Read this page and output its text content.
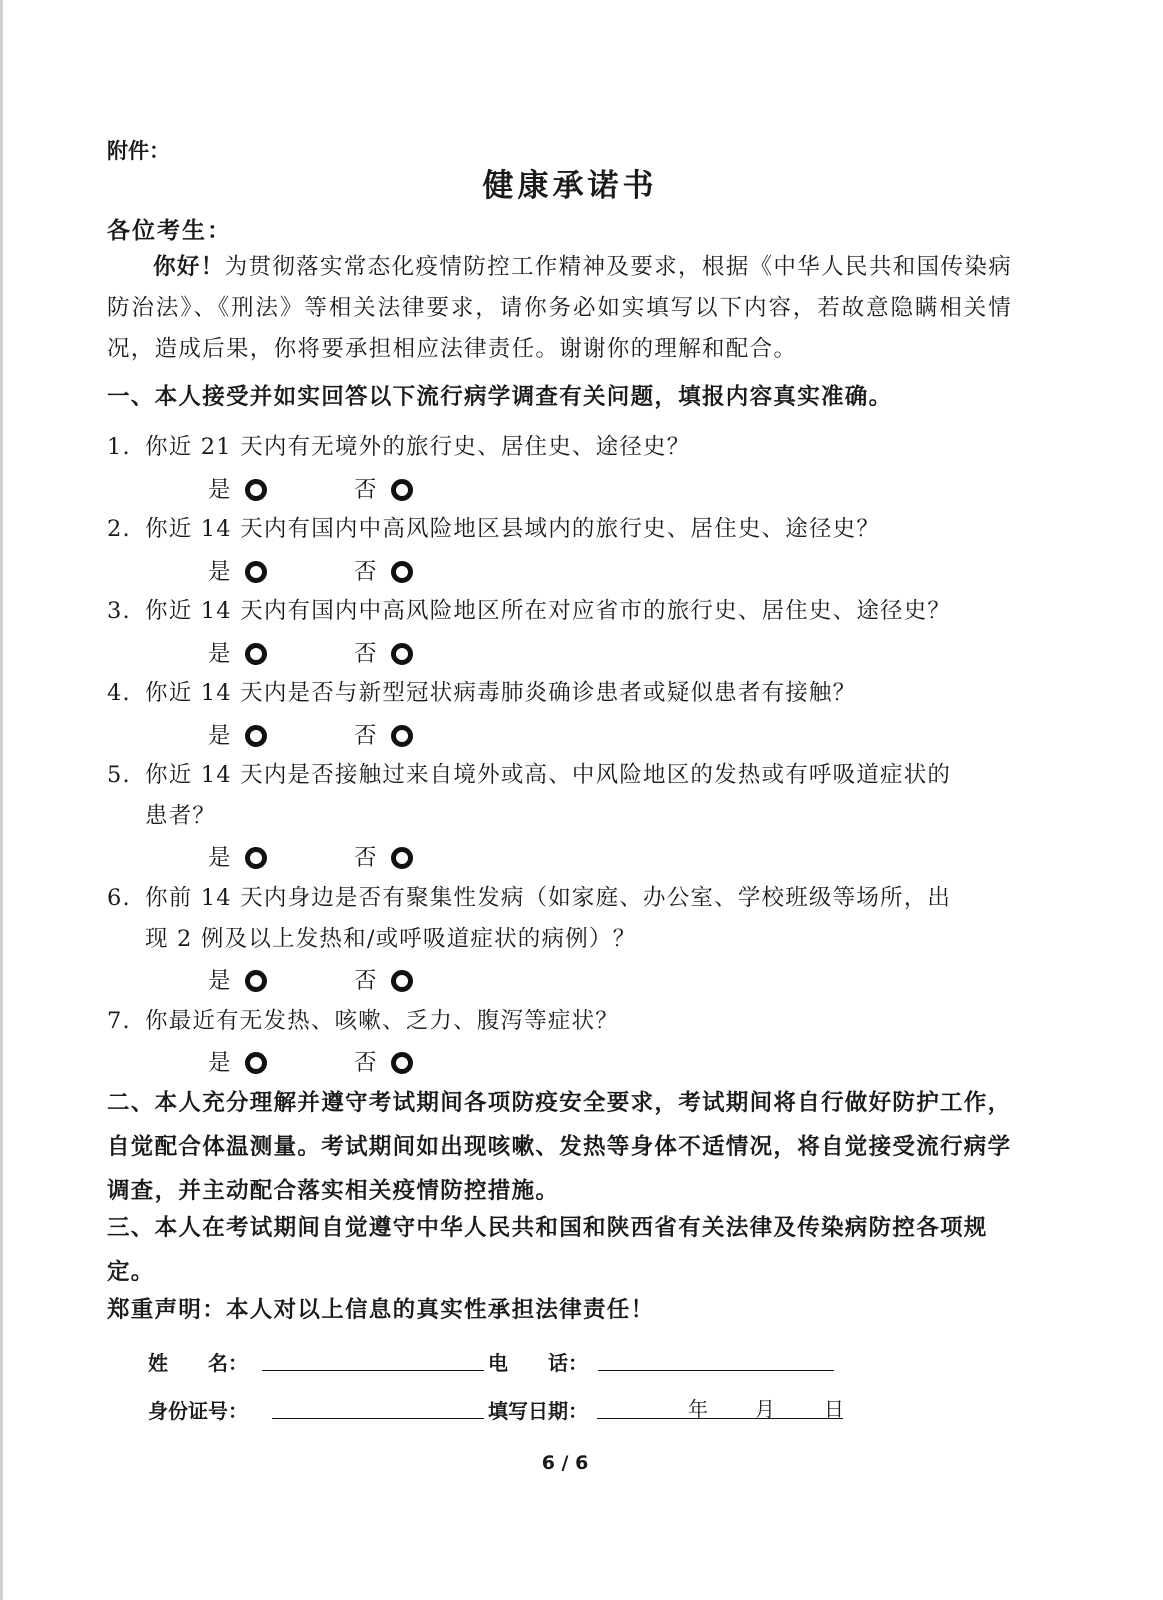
附件：
健康承诺书
各位考生：
你好！为贯彻落实常态化疫情防控工作精神及要求，根据《中华人民共和国传染病防治法》、《刑法》等相关法律要求，请你务必如实填写以下内容，若故意隐瞒相关情况，造成后果，你将要承担相应法律责任。谢谢你的理解和配合。
一、本人接受并如实回答以下流行病学调查有关问题，填报内容真实准确。
1. 你近 21 天内有无境外的旅行史、居住史、途径史？
是	否
2. 你近 14 天内有国内中高风险地区县域内的旅行史、居住史、途径史？
是	否
3. 你近 14 天内有国内中高风险地区所在对应省市的旅行史、居住史、途径史？
是	否
4. 你近 14 天内是否与新型冠状病毒肺炎确诊患者或疑似患者有接触？
是	否
5. 你近 14 天内是否接触过来自境外或高、中风险地区的发热或有呼吸道症状的
患者？
是	否
6. 你前 14 天内身边是否有聚集性发病（如家庭、办公室、学校班级等场所，出
现 2 例及以上发热和/或呼吸道症状的病例）？
是	否
7. 你最近有无发热、咳嗽、乏力、腹泻等症状？
是	否
二、本人充分理解并遵守考试期间各项防疫安全要求，考试期间将自行做好防护工作，自觉配合体温测量。考试期间如出现咳嗽、发热等身体不适情况，将自觉接受流行病学调查，并主动配合落实相关疫情防控措施。
三、本人在考试期间自觉遵守中华人民共和国和陕西省有关法律及传染病防控各项规定。
郑重声明：本人对以上信息的真实性承担法律责任！
姓　　名：	电　　话：
身份证号：	填写日期：	年 月 日
6 / 6
